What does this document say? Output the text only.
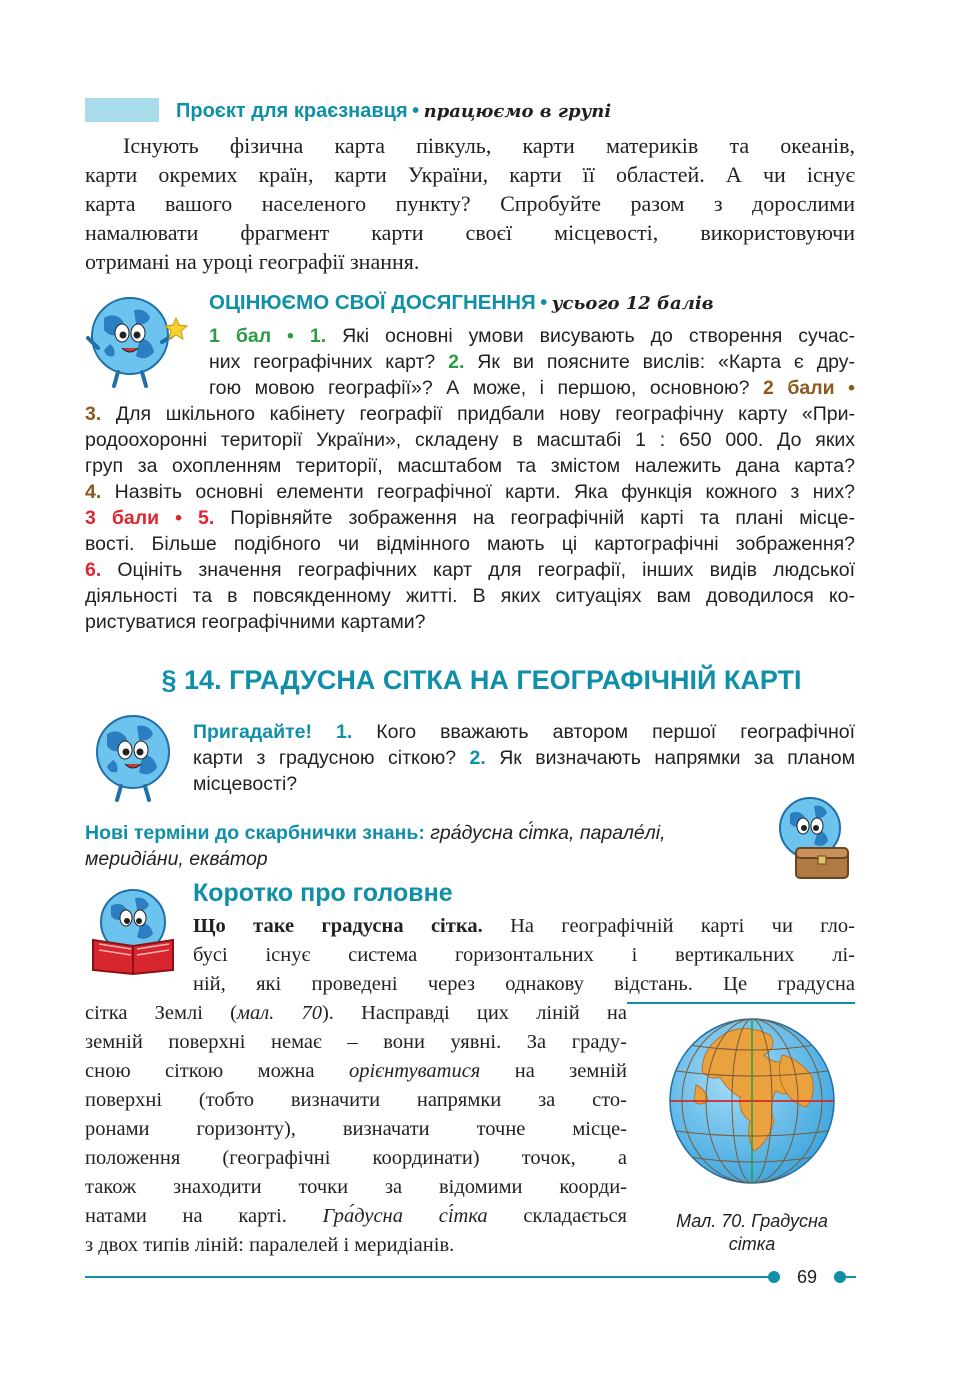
Проєкт для краєзнавця • працюємо в групі
Існують фізична карта півкуль, карти материків та океанів,
карти окремих країн, карти України, карти її областей. А чи існує
карта вашого населеного пункту? Спробуйте разом з дорослими
намалювати фрагмент карти своєї місцевості, використовуючи
отримані на уроці географії знання.
ОЦІНЮЄМО СВОЇ ДОСЯГНЕННЯ • усього 12 балів
1 бал • 1. Які основні умови висувають до створення сучас-
них географічних карт? 2. Як ви поясните вислів: «Карта є дру-
гою мовою географії»? А може, і першою, основною? 2 бали •
3. Для шкільного кабінету географії придбали нову географічну карту «При-
родоохоронні території України», складену в масштабі 1 : 650 000. До яких
груп за охопленням території, масштабом та змістом належить дана карта?
4. Назвіть основні елементи географічної карти. Яка функція кожного з них?
3 бали • 5. Порівняйте зображення на географічній карті та плані місце-
вості. Більше подібного чи відмінного мають ці картографічні зображення?
6. Оцініть значення географічних карт для географії, інших видів людської
діяльності та в повсякденному житті. В яких ситуаціях вам доводилося ко-
ристуватися географічними картами?
§ 14. ГРАДУСНА СІТКА НА ГЕОГРАФІЧНІЙ КАРТІ
Пригадайте! 1. Кого вважають автором першої географічної
карти з градусною сіткою? 2. Як визначають напрямки за планом
місцевості?
Нові терміни до скарбнички знань: гра́дусна сі́тка, парале́лі,
меридіа́ни, еква́тор
Коротко про головне
Що таке градусна сітка. На географічній карті чи гло-
бусі існує система горизонтальних і вертикальних лі-
ній, які проведені через однакову відстань. Це градусна
сітка Землі (мал. 70). Насправді цих ліній на
земній поверхні немає – вони уявні. За граду-
сною сіткою можна орієнтуватися на земній
поверхні (тобто визначити напрямки за сто-
ронами горизонту), визначати точне місце-
положення (географічні координати) точок, а
також знаходити точки за відомими коорди-
натами на карті. Гра́дусна сі́тка складається
з двох типів ліній: паралелей і меридіанів.
Мал. 70. Градусна
сітка
69
